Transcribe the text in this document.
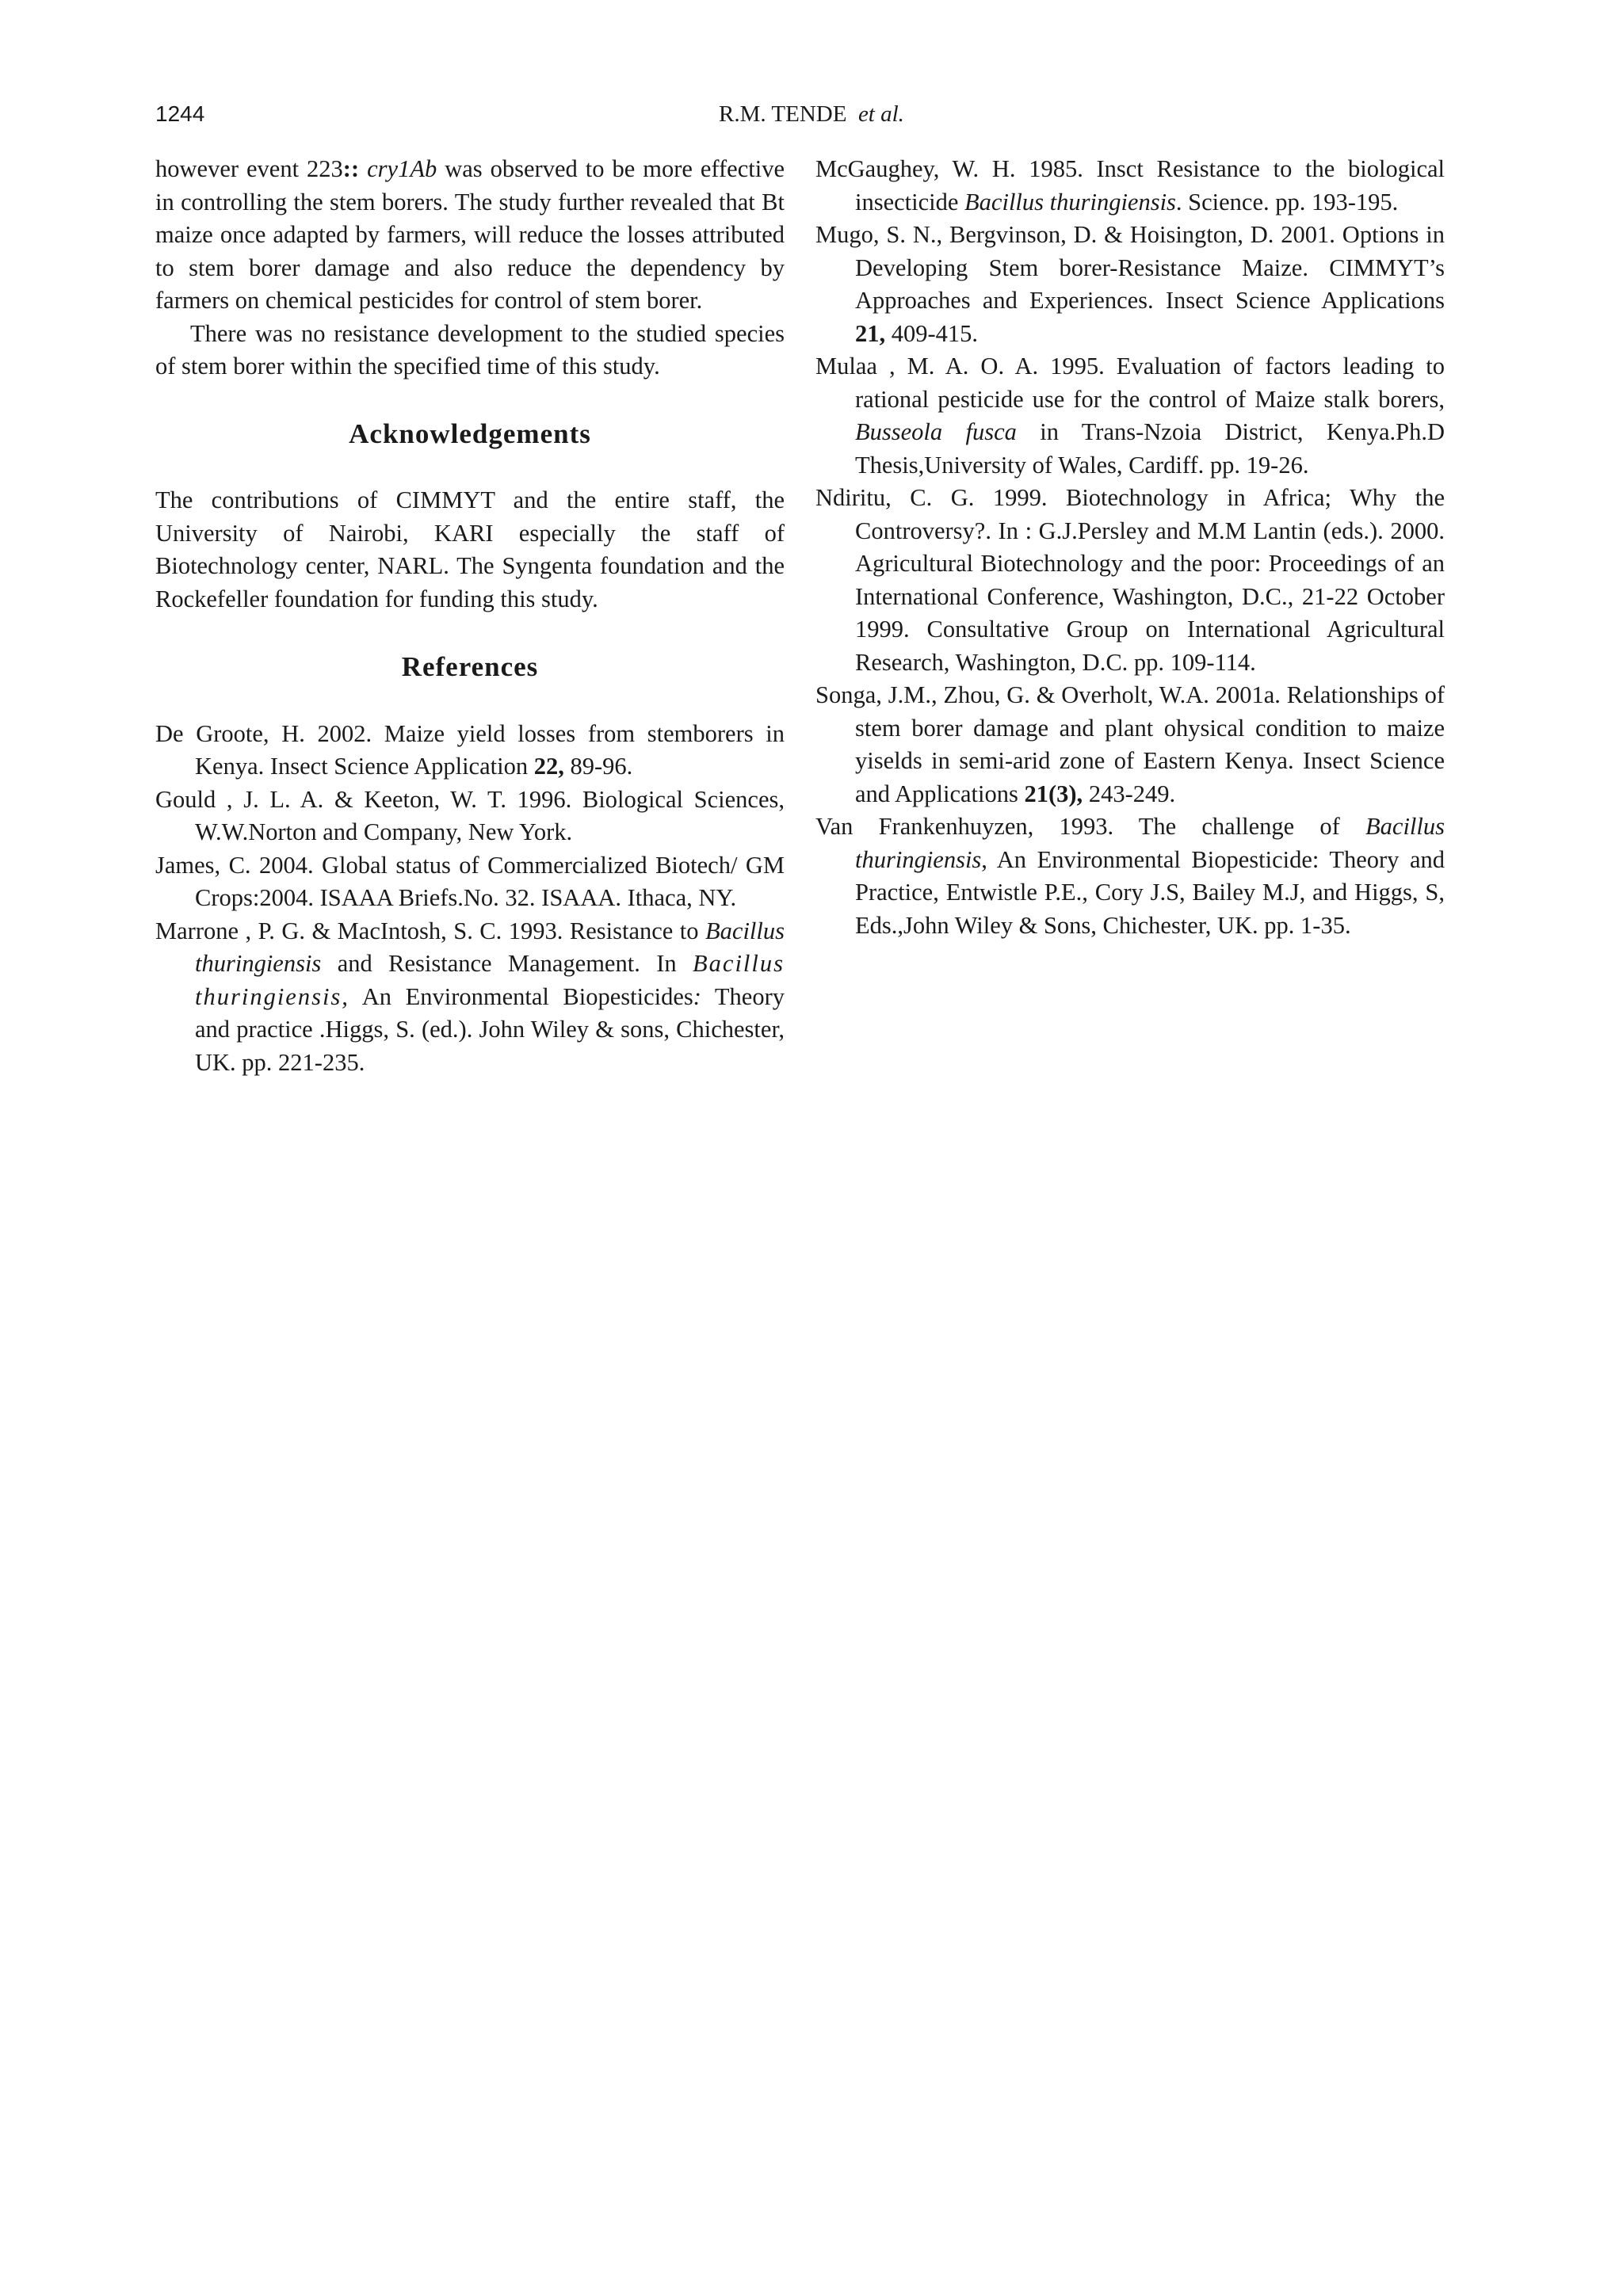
1244	R.M. TENDE et al.

however event 223:: cry1Ab was observed to be more effective in controlling the stem borers. The study further revealed that Bt maize once adapted by farmers, will reduce the losses attributed to stem borer damage and also reduce the dependency by farmers on chemical pesticides for control of stem borer.

There was no resistance development to the studied species of stem borer within the specified time of this study.

Acknowledgements

The contributions of CIMMYT and the entire staff, the University of Nairobi, KARI especially the staff of Biotechnology center, NARL. The Syngenta foundation and the Rockefeller foundation for funding this study.

References

De Groote, H. 2002. Maize yield losses from stemborers in Kenya. Insect Science Application 22, 89-96.

Gould , J. L. A. & Keeton, W. T. 1996. Biological Sciences, W.W.Norton and Company, New York.

James, C. 2004. Global status of Commercialized Biotech/ GM Crops:2004. ISAAA Briefs.No. 32. ISAAA. Ithaca, NY.

Marrone , P. G. & MacIntosh, S. C. 1993. Resistance to Bacillus thuringiensis and Resistance Management. In Bacillus thuringiensis, An Environmental Biopesticides: Theory and practice .Higgs, S. (ed.). John Wiley & sons, Chichester, UK. pp. 221-235.

McGaughey, W. H. 1985. Insct Resistance to the biological insecticide Bacillus thuringiensis. Science. pp. 193-195.

Mugo, S. N., Bergvinson, D. & Hoisington, D. 2001. Options in Developing Stem borer-Resistance Maize. CIMMYT’s Approaches and Experiences. Insect Science Applications 21, 409-415.

Mulaa , M. A. O. A. 1995. Evaluation of factors leading to rational pesticide use for the control of Maize stalk borers, Busseola fusca in Trans-Nzoia District, Kenya.Ph.D Thesis,University of Wales, Cardiff. pp. 19-26.

Ndiritu, C. G. 1999. Biotechnology in Africa; Why the Controversy?. In : G.J.Persley and M.M Lantin (eds.). 2000. Agricultural Biotechnology and the poor: Proceedings of an International Conference, Washington, D.C., 21-22 October 1999. Consultative Group on International Agricultural Research, Washington, D.C. pp. 109-114.

Songa, J.M., Zhou, G. & Overholt, W.A. 2001a. Relationships of stem borer damage and plant ohysical condition to maize yiselds in semi-arid zone of Eastern Kenya. Insect Science and Applications 21(3), 243-249.

Van Frankenhuyzen, 1993. The challenge of Bacillus thuringiensis, An Environmental Biopesticide: Theory and Practice, Entwistle P.E., Cory J.S, Bailey M.J, and Higgs, S, Eds.,John Wiley & Sons, Chichester, UK. pp. 1-35.
